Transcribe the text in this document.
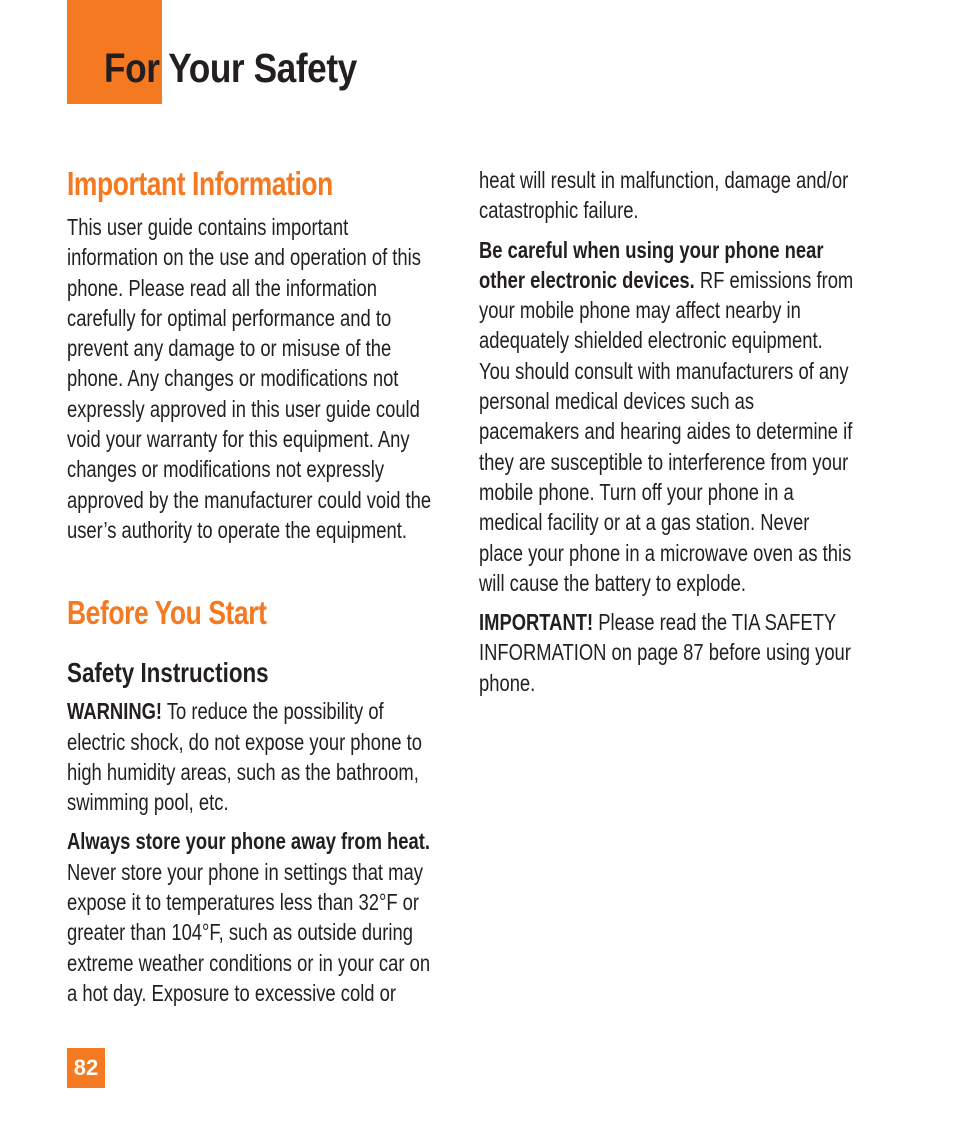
For Your Safety
Important Information

This user guide contains important information on the use and operation of this phone. Please read all the information carefully for optimal performance and to prevent any damage to or misuse of the phone. Any changes or modifications not expressly approved in this user guide could void your warranty for this equipment. Any changes or modifications not expressly approved by the manufacturer could void the user’s authority to operate the equipment.

Before You Start
Safety Instructions

WARNING! To reduce the possibility of electric shock, do not expose your phone to high humidity areas, such as the bathroom, swimming pool, etc.

Always store your phone away from heat. Never store your phone in settings that may expose it to temperatures less than 32°F or greater than 104°F, such as outside during extreme weather conditions or in your car on a hot day. Exposure to excessive cold or

heat will result in malfunction, damage and/or catastrophic failure.

Be careful when using your phone near other electronic devices. RF emissions from your mobile phone may affect nearby in adequately shielded electronic equipment. You should consult with manufacturers of any personal medical devices such as pacemakers and hearing aides to determine if they are susceptible to interference from your mobile phone. Turn off your phone in a medical facility or at a gas station. Never place your phone in a microwave oven as this will cause the battery to explode.

IMPORTANT! Please read the TIA SAFETY INFORMATION on page 87 before using your phone.

82
